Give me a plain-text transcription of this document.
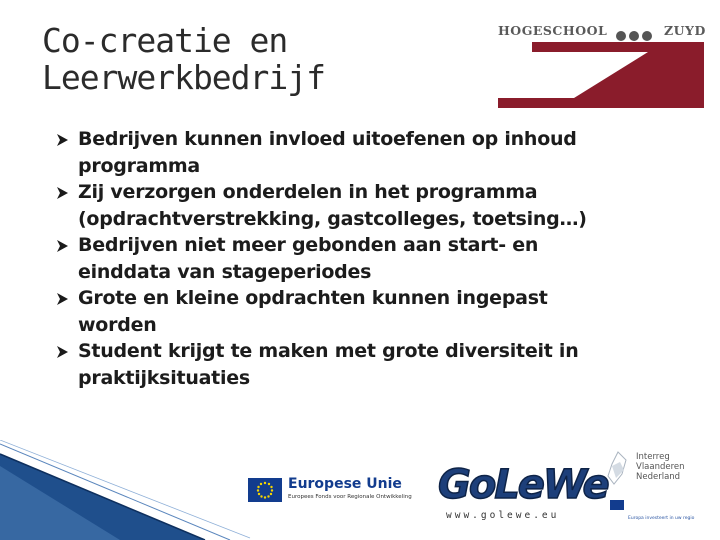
Co-creatie en
Leerwerkbedrijf
HOGESCHOOL	ZUYD
Bedrijven kunnen invloed uitoefenen op inhoud
programma
Zij verzorgen onderdelen in het programma
(opdrachtverstrekking, gastcolleges, toetsing…)
Bedrijven niet meer gebonden aan start- en
einddata van stageperiodes
Grote en kleine opdrachten kunnen ingepast
worden
Student krijgt te maken met grote diversiteit in
praktijksituaties
Europese Unie
Europees Fonds voor Regionale Ontwikkeling GoLeWe
www.golewe.eu
Interreg
Vlaanderen
Nederland
Europa investeert in uw regio
